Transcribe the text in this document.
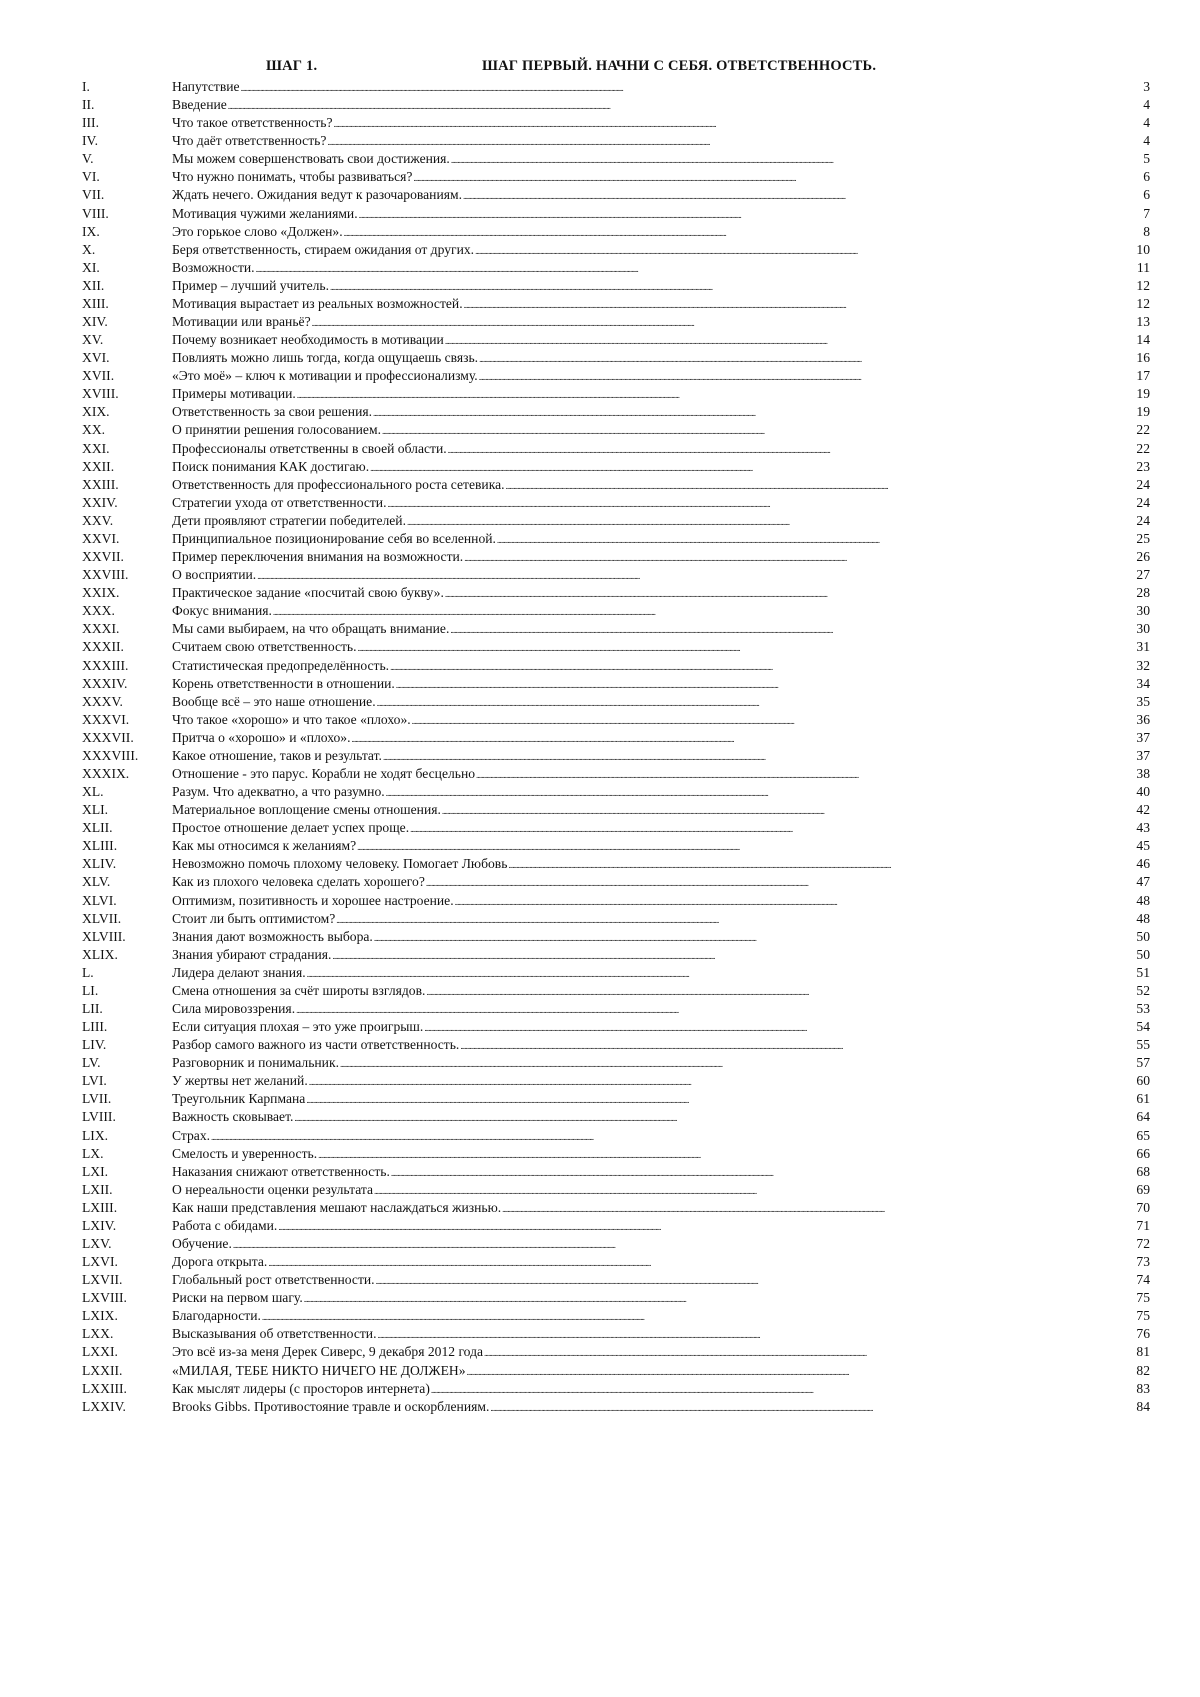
ШАГ 1.	ШАГ ПЕРВЫЙ. НАЧНИ С СЕБЯ. ОТВЕТСТВЕННОСТЬ.
I.	Напутствие . . .	3
II.	Введение . . .	4
III.	Что такое ответственность? . . .	4
IV.	Что даёт ответственность? . . .	4
V.	Мы можем совершенствовать свои достижения. . . .	5
VI.	Что нужно понимать, чтобы развиваться? . . .	6
VII.	Ждать нечего. Ожидания ведут к разочарованиям. . . .	6
VIII.	Мотивация чужими желаниями. . . .	7
IX.	Это горькое слово «Должен». . . .	8
X.	Беря ответственность, стираем ожидания от других. . . .	10
XI.	Возможности. . . .	11
XII.	Пример – лучший учитель. . . .	12
XIII.	Мотивация вырастает из реальных возможностей. . . .	12
XIV.	Мотивации или враньё? . . .	13
XV.	Почему возникает необходимость в мотивации . . .	14
XVI.	Повлиять можно лишь тогда, когда ощущаешь связь. . . .	16
XVII.	«Это моё» – ключ к мотивации и профессионализму. . . .	17
XVIII.	Примеры мотивации. . . .	19
XIX.	Ответственность за свои решения. . . .	19
XX.	О принятии решения голосованием. . . .	22
XXI.	Профессионалы ответственны в своей области. . . .	22
XXII.	Поиск понимания КАК достигаю. . . .	23
XXIII.	Ответственность для профессионального роста сетевика. . . .	24
XXIV.	Стратегии ухода от ответственности. . . .	24
XXV.	Дети проявляют стратегии победителей. . . .	24
XXVI.	Принципиальное позиционирование себя во вселенной. . . .	25
XXVII.	Пример переключения внимания на возможности. . . .	26
XXVIII.	О восприятии. . . .	27
XXIX.	Практическое задание «посчитай свою букву». . . .	28
XXX.	Фокус внимания. . . .	30
XXXI.	Мы сами выбираем, на что обращать внимание. . . .	30
XXXII.	Считаем свою ответственность. . . .	31
XXXIII.	Статистическая предопределённость. . . .	32
XXXIV.	Корень ответственности в отношении. . . .	34
XXXV.	Вообще всё – это наше отношение. . . .	35
XXXVI.	Что такое «хорошо» и что такое «плохо». . . .	36
XXXVII.	Притча о «хорошо» и «плохо». . . .	37
XXXVIII.	Какое отношение, таков и результат. . . .	37
XXXIX.	Отношение - это парус. Корабли не ходят бесцельно . . .	38
XL.	Разум. Что адекватно, а что разумно. . . .	40
XLI.	Материальное воплощение смены отношения. . . .	42
XLII.	Простое отношение делает успех проще. . . .	43
XLIII.	Как мы относимся к желаниям? . . .	45
XLIV.	Невозможно помочь плохому человеку. Помогает Любовь . . .	46
XLV.	Как из плохого человека сделать хорошего? . . .	47
XLVI.	Оптимизм, позитивность и хорошее настроение. . . .	48
XLVII.	Стоит ли быть оптимистом? . . .	48
XLVIII.	Знания дают возможность выбора. . . .	50
XLIX.	Знания убирают страдания. . . .	50
L.	Лидера делают знания. . . .	51
LI.	Смена отношения за счёт широты взглядов. . . .	52
LII.	Сила мировоззрения. . . .	53
LIII.	Если ситуация плохая – это уже проигрыш. . . .	54
LIV.	Разбор самого важного из части ответственность. . . .	55
LV.	Разговорник и понимальник. . . .	57
LVI.	У жертвы нет желаний. . . .	60
LVII.	Треугольник Карпмана . . .	61
LVIII.	Важность сковывает. . . .	64
LIX.	Страх. . . .	65
LX.	Смелость и уверенность. . . .	66
LXI.	Наказания снижают ответственность. . . .	68
LXII.	О нереальности оценки результата . . .	69
LXIII.	Как наши представления мешают наслаждаться жизнью. . . .	70
LXIV.	Работа с обидами. . . .	71
LXV.	Обучение. . . .	72
LXVI.	Дорога открыта. . . .	73
LXVII.	Глобальный рост ответственности. . . .	74
LXVIII.	Риски на первом шагу. . . .	75
LXIX.	Благодарности. . . .	75
LXX.	Высказывания об ответственности. . . .	76
LXXI.	Это всё из-за меня Дерек Сиверс, 9 декабря 2012 года . . .	81
LXXII.	«МИЛАЯ, ТЕБЕ НИКТО НИЧЕГО НЕ ДОЛЖЕН» . . .	82
LXXIII.	Как мыслят лидеры (с просторов интернета) . . .	83
LXXIV.	Brooks Gibbs. Противостояние травле и оскорблениям. . . .	84
